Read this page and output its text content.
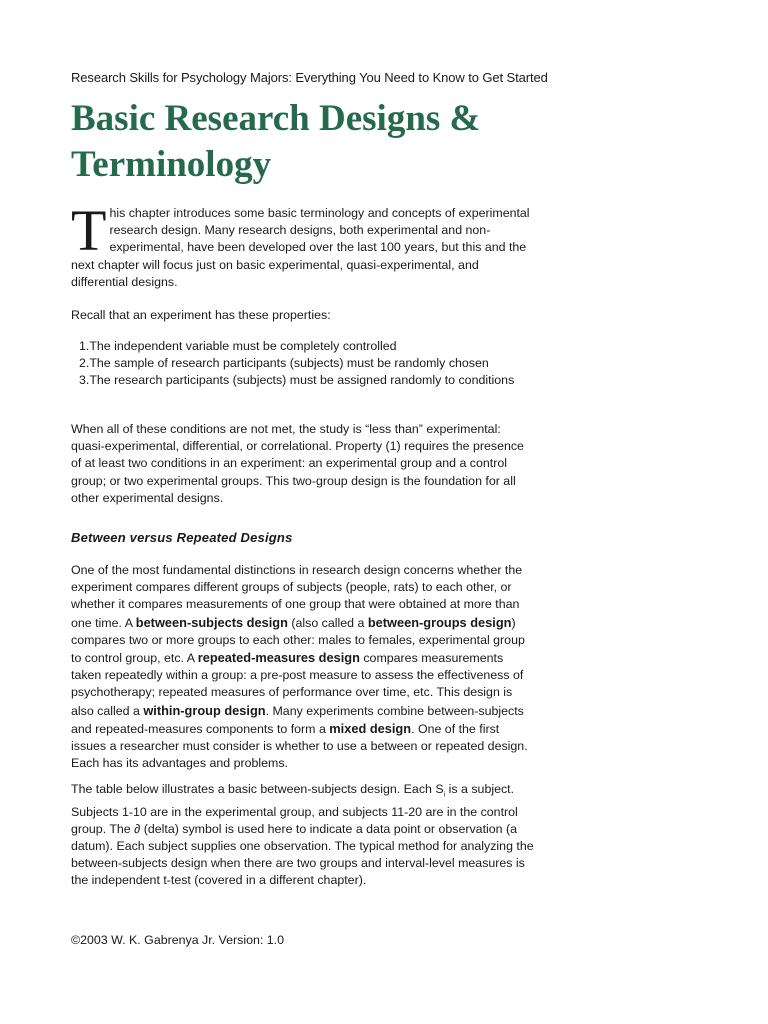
Research Skills for Psychology Majors: Everything You Need to Know to Get Started
Basic Research Designs &
Terminology

This chapter introduces some basic terminology and concepts of experimental research design. Many research designs, both experimental and non-experimental, have been developed over the last 100 years, but this and the next chapter will focus just on basic experimental, quasi-experimental, and differential designs.

Recall that an experiment has these properties:

1.The independent variable must be completely controlled
2.The sample of research participants (subjects) must be randomly chosen
3.The research participants (subjects) must be assigned randomly to conditions

When all of these conditions are not met, the study is “less than” experimental: quasi-experimental, differential, or correlational. Property (1) requires the presence of at least two conditions in an experiment: an experimental group and a control group; or two experimental groups. This two-group design is the foundation for all other experimental designs.

Between versus Repeated Designs

One of the most fundamental distinctions in research design concerns whether the experiment compares different groups of subjects (people, rats) to each other, or whether it compares measurements of one group that were obtained at more than one time. A between-subjects design (also called a between-groups design) compares two or more groups to each other: males to females, experimental group to control group, etc. A repeated-measures design compares measurements taken repeatedly within a group: a pre-post measure to assess the effectiveness of psychotherapy; repeated measures of performance over time, etc. This design is also called a within-group design. Many experiments combine between-subjects and repeated-measures components to form a mixed design. One of the first issues a researcher must consider is whether to use a between or repeated design. Each has its advantages and problems.

The table below illustrates a basic between-subjects design. Each $S_i$ is a subject. Subjects 1-10 are in the experimental group, and subjects 11-20 are in the control group. The ∂ (delta) symbol is used here to indicate a data point or observation (a datum). Each subject supplies one observation. The typical method for analyzing the between-subjects design when there are two groups and interval-level measures is the independent t-test (covered in a different chapter).

©2003 W. K. Gabrenya Jr. Version: 1.0
